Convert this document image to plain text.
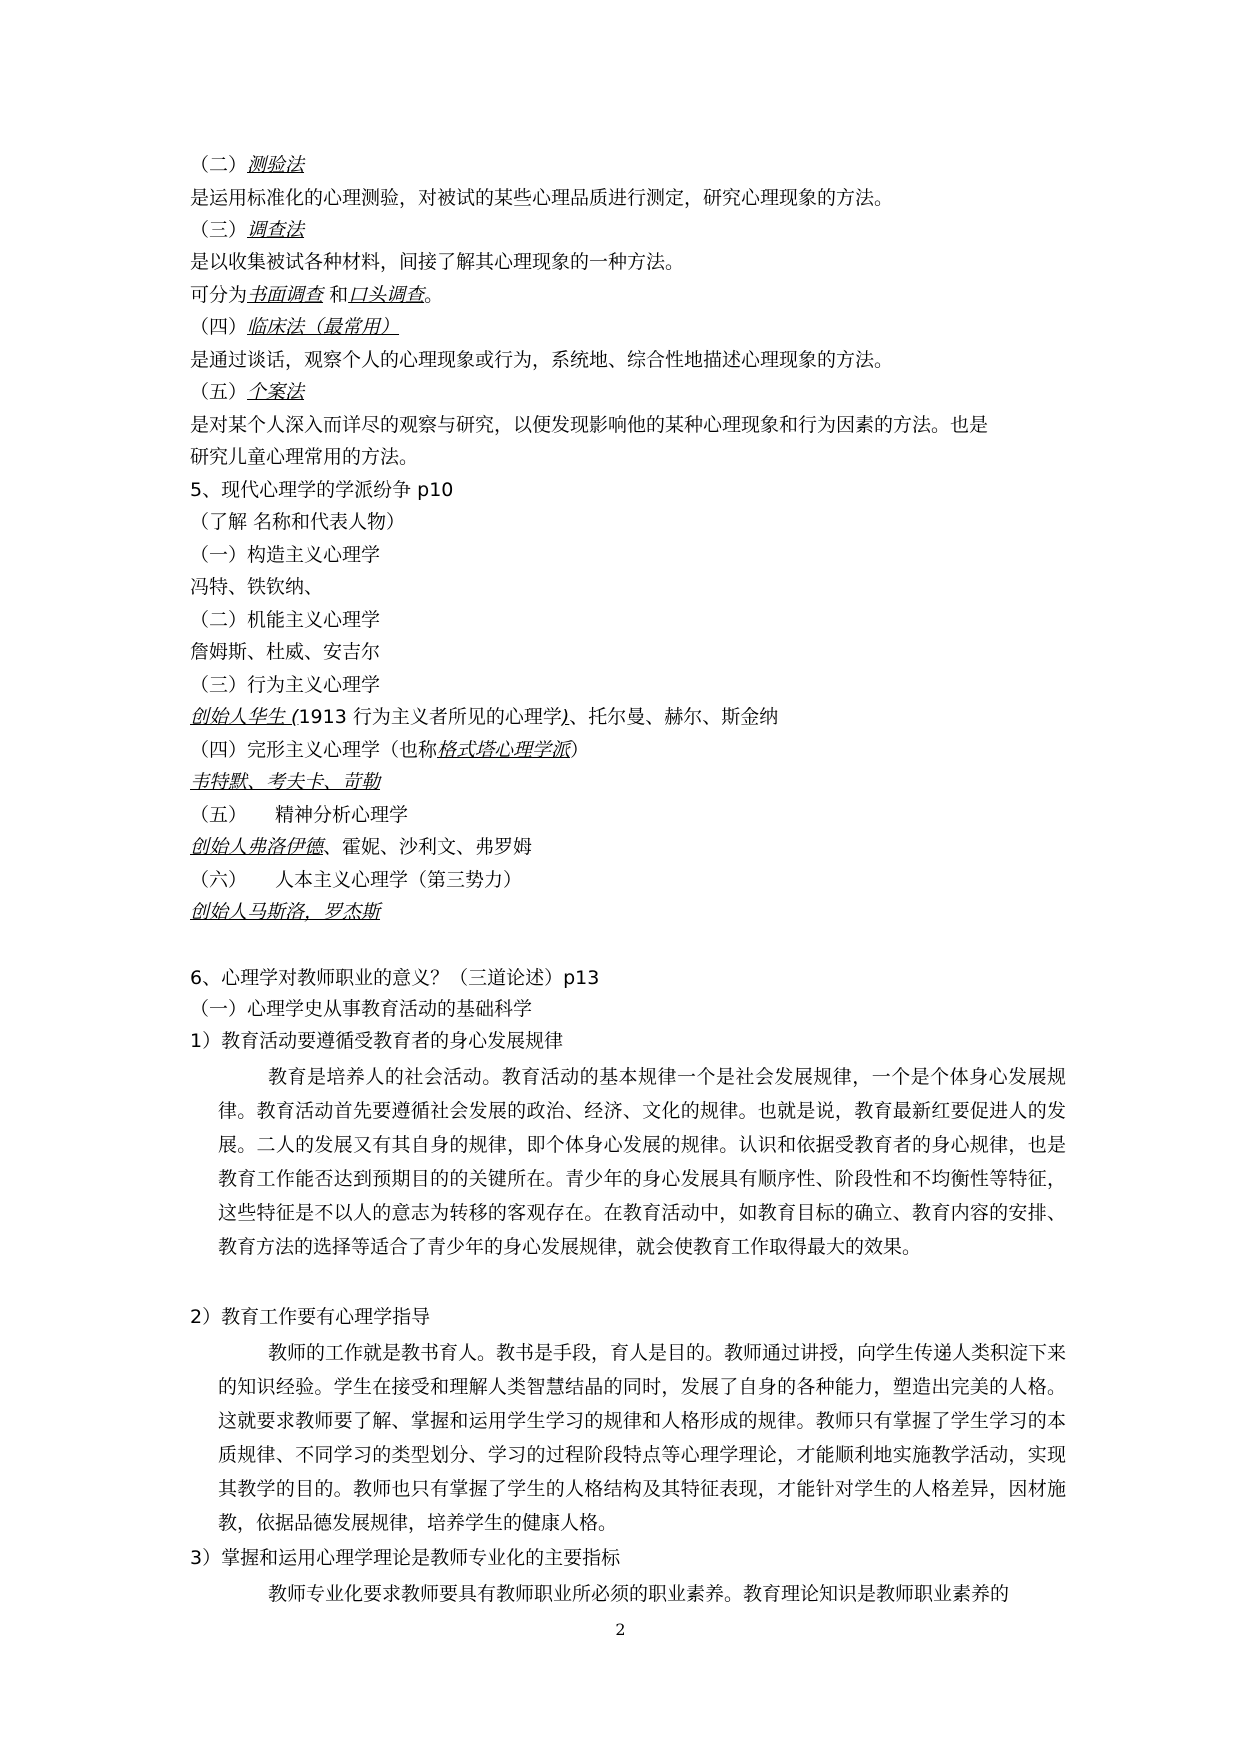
（二）测验法
是运用标准化的心理测验，对被试的某些心理品质进行测定，研究心理现象的方法。
（三）调查法
是以收集被试各种材料，间接了解其心理现象的一种方法。
可分为书面调查 和口头调查。
（四）临床法（最常用）
是通过谈话，观察个人的心理现象或行为，系统地、综合性地描述心理现象的方法。
（五）个案法
是对某个人深入而详尽的观察与研究，以便发现影响他的某种心理现象和行为因素的方法。也是
研究儿童心理常用的方法。
5、现代心理学的学派纷争 p10
（了解 名称和代表人物）
（一）构造主义心理学
冯特、铁钦纳、
（二）机能主义心理学
詹姆斯、杜威、安吉尔
（三）行为主义心理学
创始人华生 (1913 行为主义者所见的心理学)、托尔曼、赫尔、斯金纳
（四）完形主义心理学（也称格式塔心理学派）
韦特默、考夫卡、苛勒
（五） 精神分析心理学
创始人弗洛伊德、霍妮、沙利文、弗罗姆
（六） 人本主义心理学（第三势力）
创始人马斯洛，罗杰斯
6、心理学对教师职业的意义？（三道论述）p13
（一）心理学史从事教育活动的基础科学
1）教育活动要遵循受教育者的身心发展规律
教育是培养人的社会活动。教育活动的基本规律一个是社会发展规律，一个是个体身心发展规律。教育活动首先要遵循社会发展的政治、经济、文化的规律。也就是说，教育最新红要促进人的发展。二人的发展又有其自身的规律，即个体身心发展的规律。认识和依据受教育者的身心规律，也是教育工作能否达到预期目的的关键所在。青少年的身心发展具有顺序性、阶段性和不均衡性等特征，这些特征是不以人的意志为转移的客观存在。在教育活动中，如教育目标的确立、教育内容的安排、教育方法的选择等适合了青少年的身心发展规律，就会使教育工作取得最大的效果。
2）教育工作要有心理学指导
教师的工作就是教书育人。教书是手段，育人是目的。教师通过讲授，向学生传递人类积淀下来的知识经验。学生在接受和理解人类智慧结晶的同时，发展了自身的各种能力，塑造出完美的人格。这就要求教师要了解、掌握和运用学生学习的规律和人格形成的规律。教师只有掌握了学生学习的本质规律、不同学习的类型划分、学习的过程阶段特点等心理学理论，才能顺利地实施教学活动，实现其教学的目的。教师也只有掌握了学生的人格结构及其特征表现，才能针对学生的人格差异，因材施教，依据品德发展规律，培养学生的健康人格。
3）掌握和运用心理学理论是教师专业化的主要指标
教师专业化要求教师要具有教师职业所必须的职业素养。教育理论知识是教师职业素养的
2
